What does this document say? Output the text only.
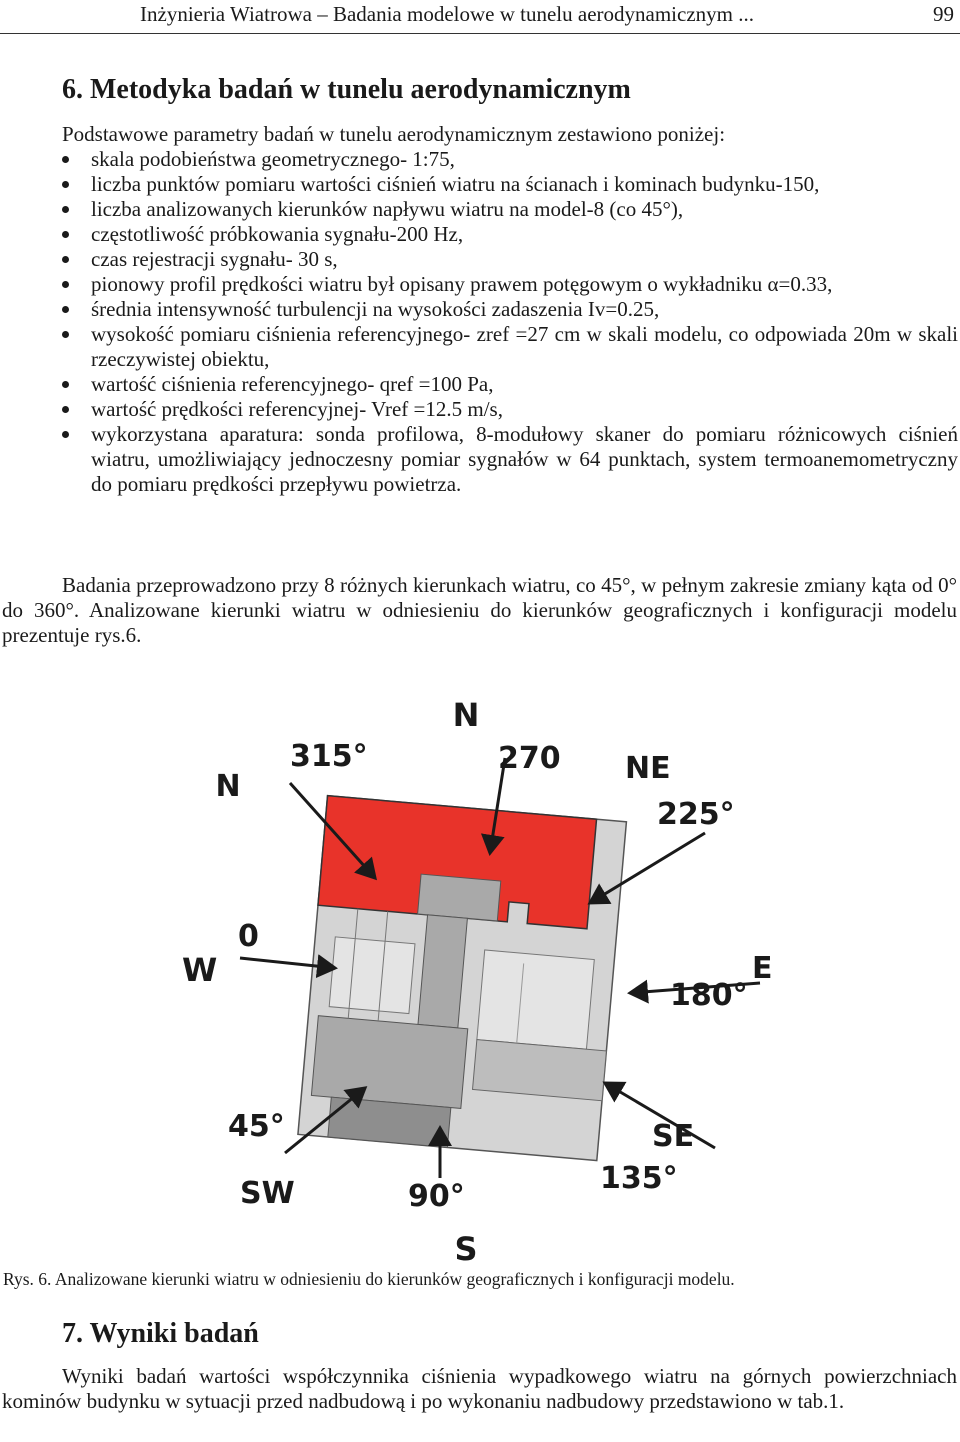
Inżynieria Wiatrowa – Badania modelowe w tunelu aerodynamicznym ...	99
6. Metodyka badań w tunelu aerodynamicznym
Podstawowe parametry badań w tunelu aerodynamicznym zestawiono poniżej:
skala podobieństwa geometrycznego- 1:75,
liczba punktów pomiaru wartości ciśnień wiatru na ścianach i kominach budynku-150,
liczba analizowanych kierunków napływu wiatru na model-8 (co 45°),
częstotliwość próbkowania sygnału-200 Hz,
czas rejestracji sygnału- 30 s,
pionowy profil prędkości wiatru był opisany prawem potęgowym o wykładniku α=0.33,
średnia intensywność turbulencji na wysokości zadaszenia Iv=0.25,
wysokość pomiaru ciśnienia referencyjnego- zref =27 cm w skali modelu, co odpowiada 20m w skali rzeczywistej obiektu,
wartość ciśnienia referencyjnego- qref =100 Pa,
wartość prędkości referencyjnej- Vref =12.5 m/s,
wykorzystana aparatura: sonda profilowa, 8-modułowy skaner do pomiaru różnicowych ciśnień wiatru, umożliwiający jednoczesny pomiar sygnałów w 64 punktach, system termoanemometryczny do pomiaru prędkości przepływu powietrza.

Badania przeprowadzono przy 8 różnych kierunkach wiatru, co 45°, w pełnym zakresie zmiany kąta od 0° do 360°. Analizowane kierunki wiatru w odniesieniu do kierunków geograficznych i konfiguracji modelu prezentuje rys.6.

N
N
NE
E
SE
S
SW
W
315°	270
225°
180°
135°
90°
45°
0
Rys. 6. Analizowane kierunki wiatru w odniesieniu do kierunków geograficznych i konfiguracji modelu.
7. Wyniki badań

Wyniki badań wartości współczynnika ciśnienia wypadkowego wiatru na górnych powierzchniach kominów budynku w sytuacji przed nadbudową i po wykonaniu nadbudowy przedstawiono w tab.1.
